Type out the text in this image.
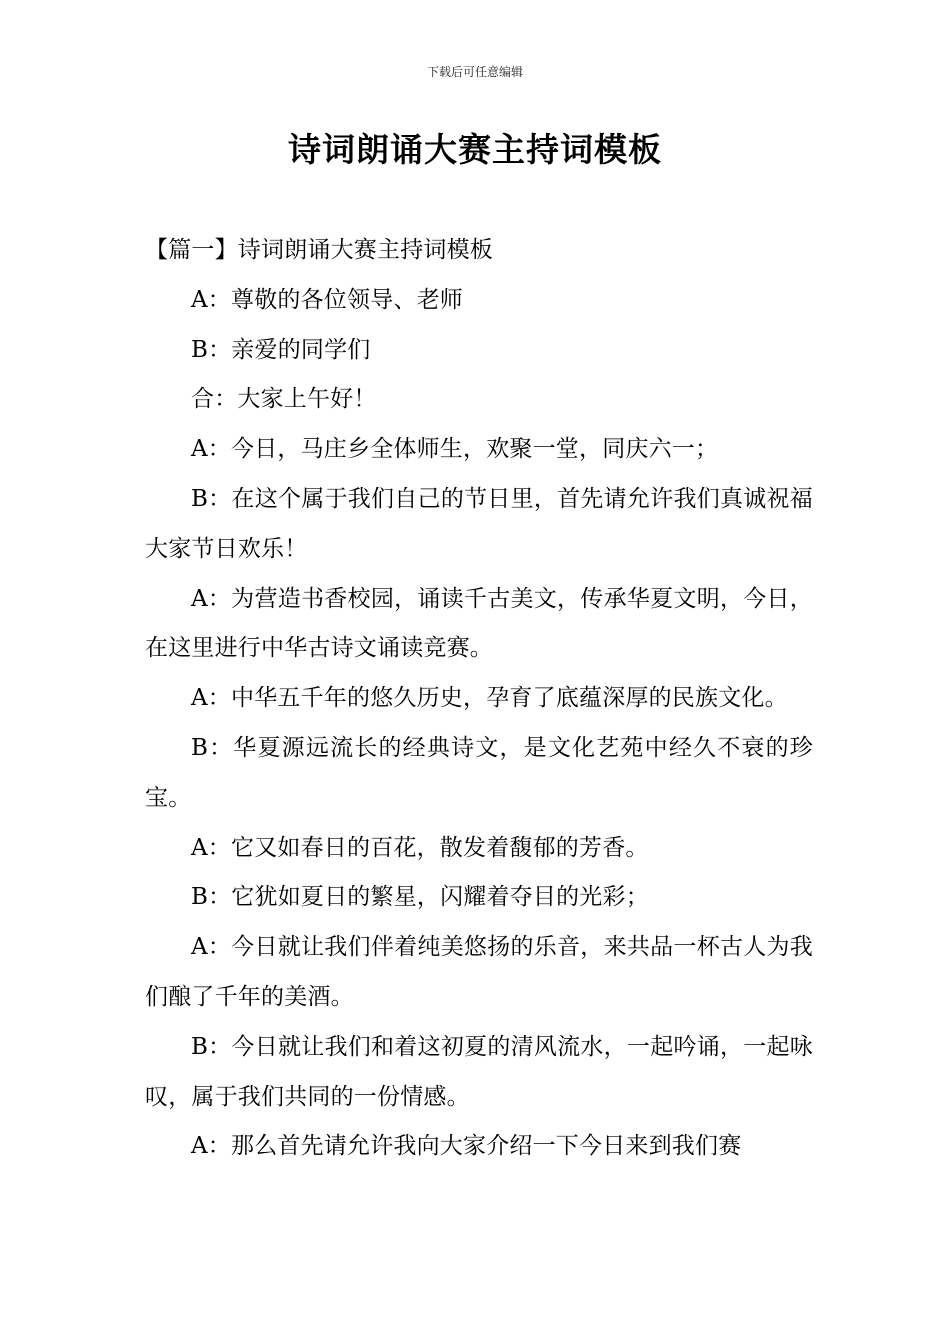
下载后可任意编辑
诗词朗诵大赛主持词模板

【篇一】诗词朗诵大赛主持词模板

A：尊敬的各位领导、老师

B：亲爱的同学们

合：大家上午好！

A：今日，马庄乡全体师生，欢聚一堂，同庆六一；

B：在这个属于我们自己的节日里，首先请允许我们真诚祝福大家节日欢乐！

A：为营造书香校园，诵读千古美文，传承华夏文明，今日，在这里进行中华古诗文诵读竞赛。

A：中华五千年的悠久历史，孕育了底蕴深厚的民族文化。

B：华夏源远流长的经典诗文，是文化艺苑中经久不衰的珍宝。

A：它又如春日的百花，散发着馥郁的芳香。

B：它犹如夏日的繁星，闪耀着夺目的光彩；

A：今日就让我们伴着纯美悠扬的乐音，来共品一杯古人为我们酿了千年的美酒。

B：今日就让我们和着这初夏的清风流水，一起吟诵，一起咏叹，属于我们共同的一份情感。

A：那么首先请允许我向大家介绍一下今日来到我们赛
